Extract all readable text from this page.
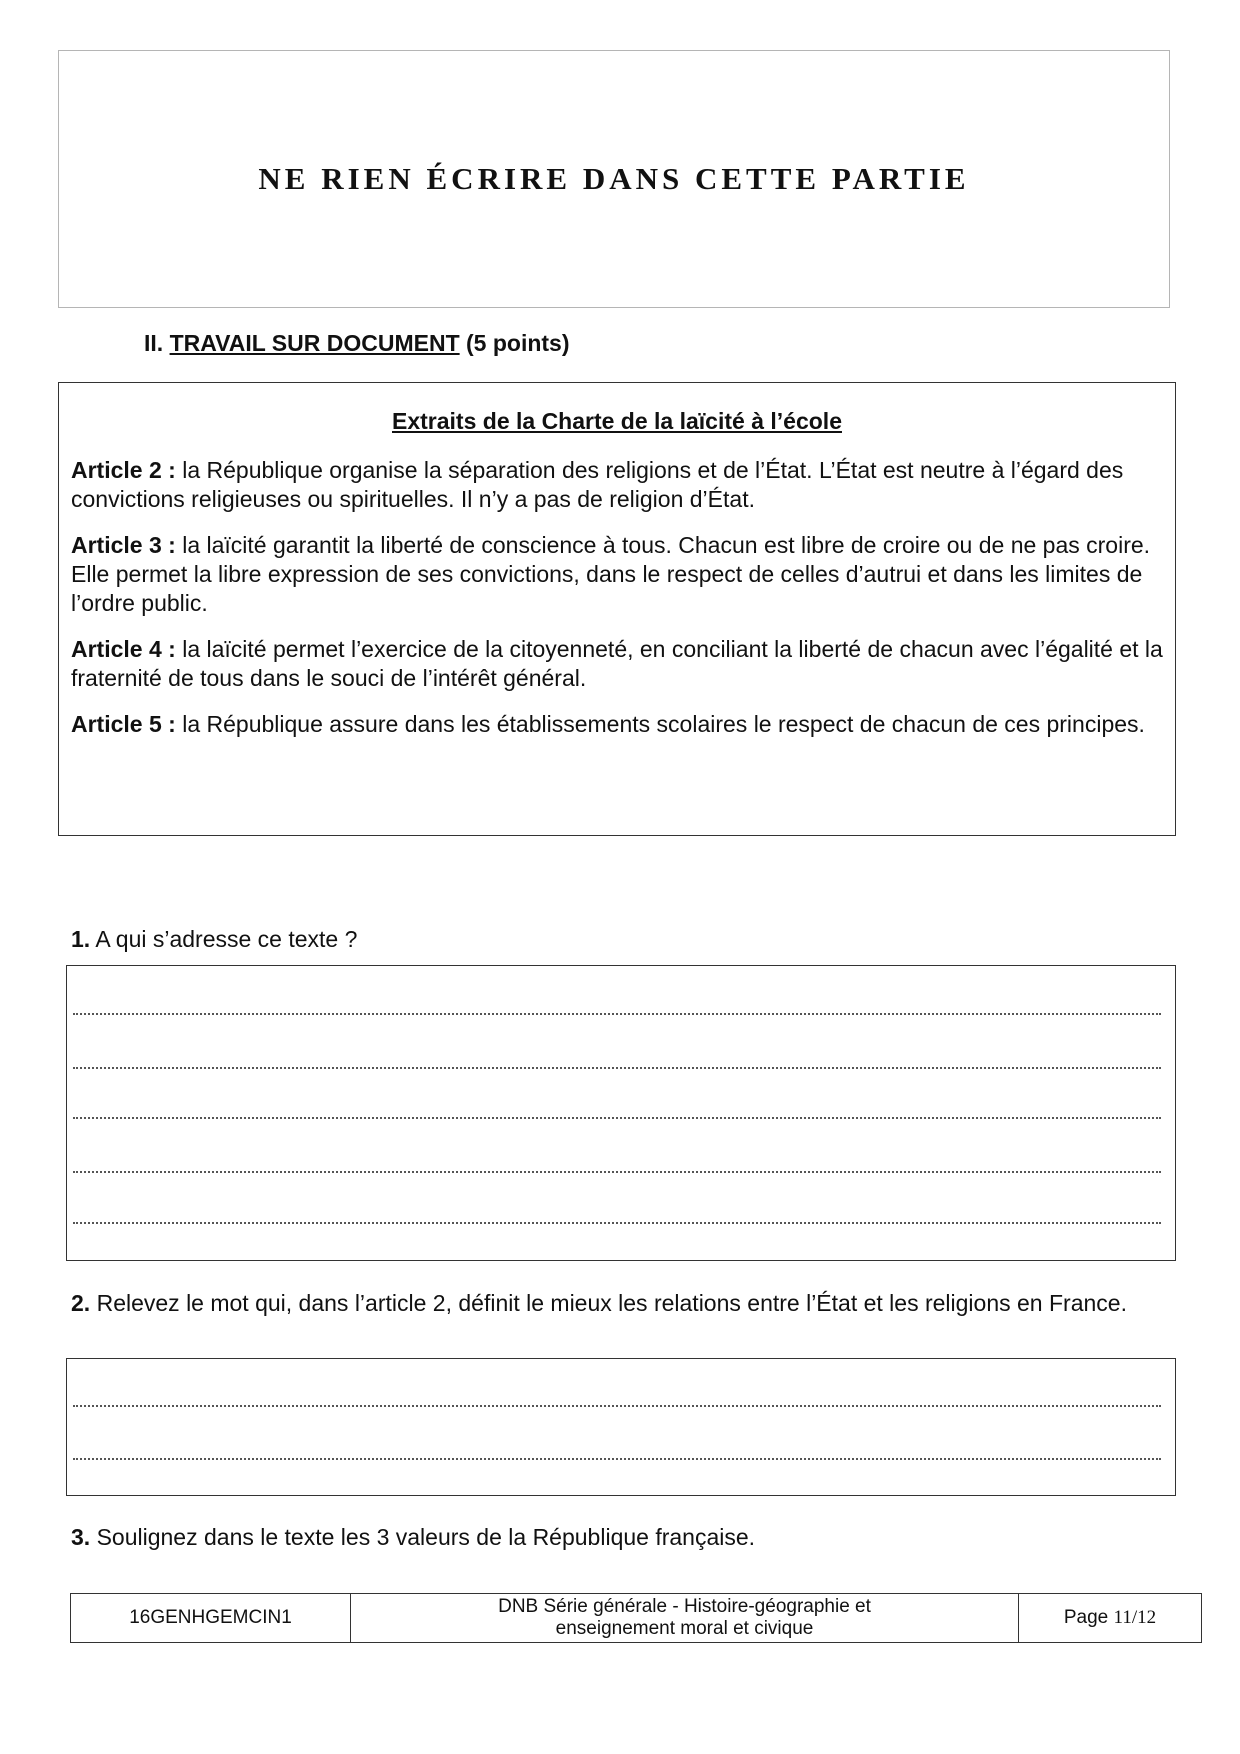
NE RIEN ÉCRIRE DANS CETTE PARTIE
II. TRAVAIL SUR DOCUMENT (5 points)
Extraits de la Charte de la laïcité à l’école

Article 2 : la République organise la séparation des religions et de l’État. L’État est neutre à l’égard des convictions religieuses ou spirituelles. Il n’y a pas de religion d’État.

Article 3 : la laïcité garantit la liberté de conscience à tous. Chacun est libre de croire ou de ne pas croire. Elle permet la libre expression de ses convictions, dans le respect de celles d’autrui et dans les limites de l’ordre public.

Article 4 : la laïcité permet l’exercice de la citoyenneté, en conciliant la liberté de chacun avec l’égalité et la fraternité de tous dans le souci de l’intérêt général.

Article 5 : la République assure dans les établissements scolaires le respect de chacun de ces principes.

1. A qui s’adresse ce texte ?
2. Relevez le mot qui, dans l’article 2, définit le mieux les relations entre l’État et les religions en France.
3. Soulignez dans le texte les 3 valeurs de la République française.
16GENHGEMCIN1
DNB Série générale - Histoire-géographie et
enseignement moral et civique
Page
11/12
